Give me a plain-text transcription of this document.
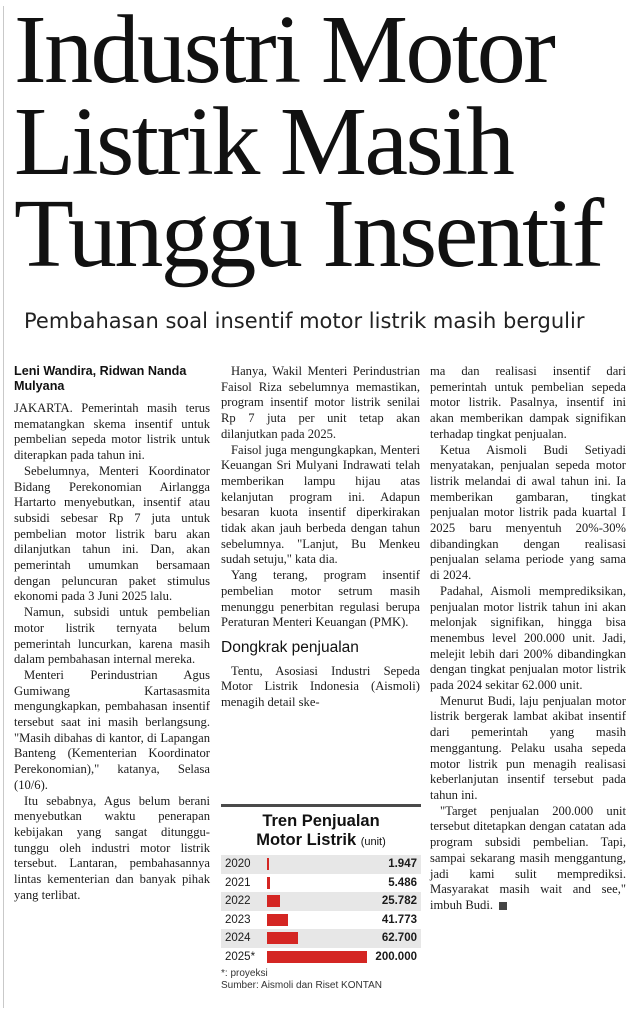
Industri Motor
Listrik Masih
Tunggu Insentif
Pembahasan soal insentif motor listrik masih bergulir
Leni Wandira, Ridwan Nanda Mulyana

JAKARTA. Pemerintah masih terus mematangkan skema insentif untuk pembelian sepeda motor listrik untuk diterapkan pada tahun ini.

Sebelumnya, Menteri Koordinator Bidang Perekonomian Airlangga Hartarto menyebutkan, insentif atau subsidi sebesar Rp 7 juta untuk pembelian motor listrik baru akan dilanjutkan tahun ini. Dan, akan pemerintah umumkan bersamaan dengan peluncuran paket stimulus ekonomi pada 3 Juni 2025 lalu.

Namun, subsidi untuk pembelian motor listrik ternyata belum pemerintah luncurkan, karena masih dalam pembahasan internal mereka.

Menteri Perindustrian Agus Gumiwang Kartasasmita mengungkapkan, pembahasan insentif tersebut saat ini masih berlangsung. "Masih dibahas di kantor, di Lapangan Banteng (Kementerian Koordinator Perekonomian)," katanya, Selasa (10/6).

Itu sebabnya, Agus belum berani menyebutkan waktu penerapan kebijakan yang sangat ditunggu-tunggu oleh industri motor listrik tersebut. Lantaran, pembahasannya lintas kementerian dan banyak pihak yang terlibat.

Hanya, Wakil Menteri Perindustrian Faisol Riza sebelumnya memastikan, program insentif motor listrik senilai Rp 7 juta per unit tetap akan dilanjutkan pada 2025.

Faisol juga mengungkapkan, Menteri Keuangan Sri Mulyani Indrawati telah memberikan lampu hijau atas kelanjutan program ini. Adapun besaran kuota insentif diperkirakan tidak akan jauh berbeda dengan tahun sebelumnya. "Lanjut, Bu Menkeu sudah setuju," kata dia.

Yang terang, program insentif pembelian motor setrum masih menunggu penerbitan regulasi berupa Peraturan Menteri Keuangan (PMK).

Dongkrak penjualan

Tentu, Asosiasi Industri Sepeda Motor Listrik Indonesia (Aismoli) menagih detail ske-

ma dan realisasi insentif dari pemerintah untuk pembelian sepeda motor listrik. Pasalnya, insentif ini akan memberikan dampak signifikan terhadap tingkat penjualan.

Ketua Aismoli Budi Setiyadi menyatakan, penjualan sepeda motor listrik melandai di awal tahun ini. Ia memberikan gambaran, tingkat penjualan motor listrik pada kuartal I 2025 baru menyentuh 20%-30% dibandingkan dengan realisasi penjualan selama periode yang sama di 2024.

Padahal, Aismoli memprediksikan, penjualan motor listrik tahun ini akan melonjak signifikan, hingga bisa menembus level 200.000 unit. Jadi, melejit lebih dari 200% dibandingkan dengan tingkat penjualan motor listrik pada 2024 sekitar 62.000 unit.

Menurut Budi, laju penjualan motor listrik bergerak lambat akibat insentif dari pemerintah yang masih menggantung. Pelaku usaha sepeda motor listrik pun menagih realisasi keberlanjutan insentif tersebut pada tahun ini.

"Target penjualan 200.000 unit tersebut ditetapkan dengan catatan ada program subsidi pembelian. Tapi, sampai sekarang masih menggantung, jadi kami sulit memprediksi. Masyarakat masih wait and see," imbuh Budi.

Tren Penjualan
Motor Listrik (unit)
2020	1.947
2021	5.486
2022	25.782
2023	41.773
2024	62.700
2025*	200.000
*: proyeksi
Sumber: Aismoli dan Riset KONTAN
